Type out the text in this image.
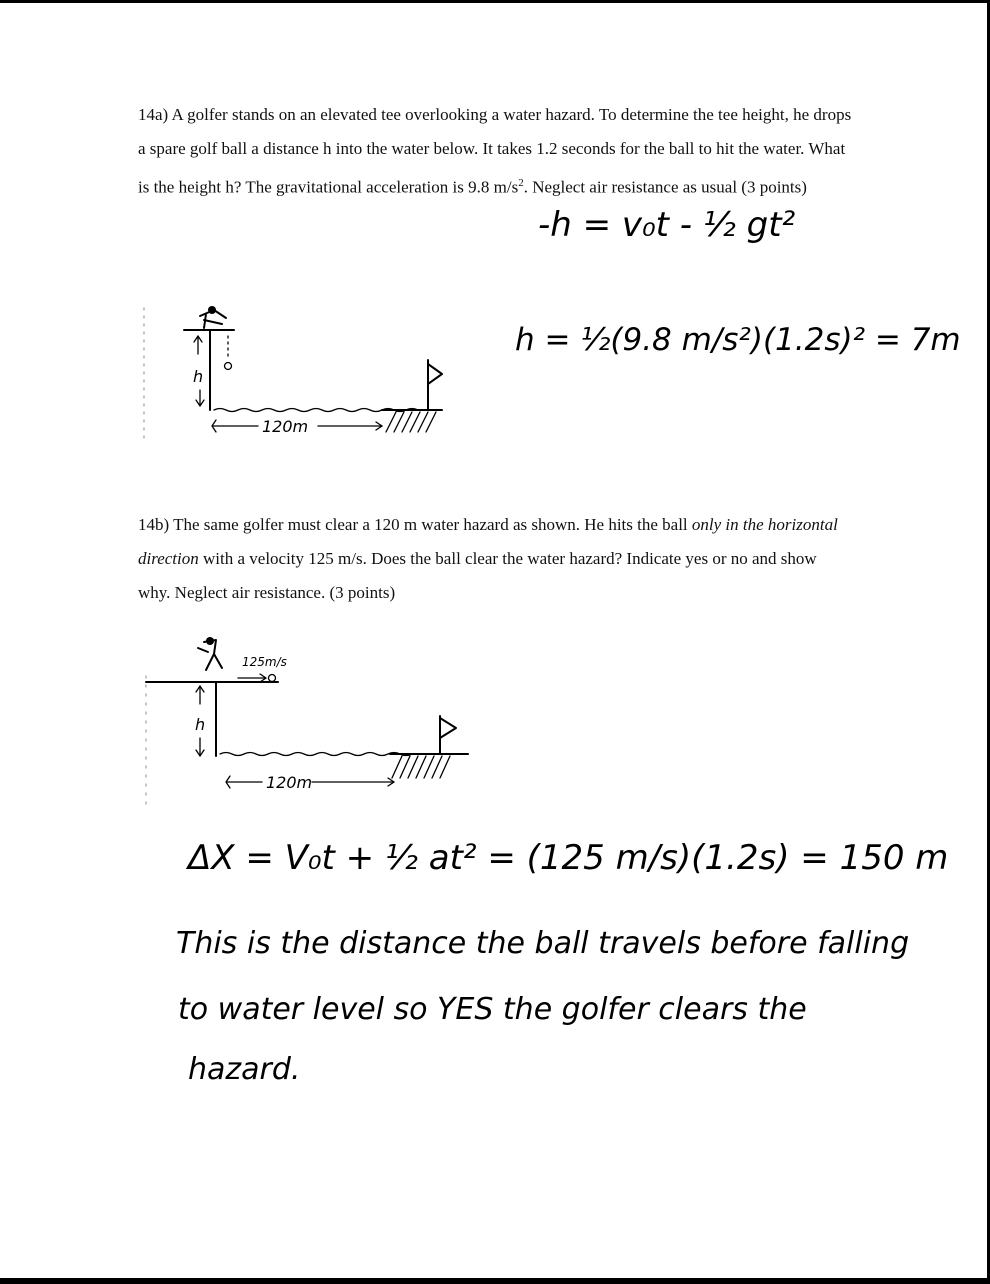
14a) A golfer stands on an elevated tee overlooking a water hazard. To determine the tee height, he drops a spare golf ball a distance h into the water below. It takes 1.2 seconds for the ball to hit the water. What is the height h? The gravitational acceleration is 9.8 $m/s^2$. Neglect air resistance as usual (3 points)

-h = v₀t - ½ gt²
h = ½(9.8 m/s²)(1.2s)² = 7m
h
120m

14b) The same golfer must clear a 120 m water hazard as shown. He hits the ball only in the horizontal direction with a velocity 125 m/s. Does the ball clear the water hazard? Indicate yes or no and show why. Neglect air resistance. (3 points)

125m/s
h
120m
ΔX = V₀t + ½ at² = (125 m/s)(1.2s) = 150 m
This is the distance the ball travels before falling
to water level so YES the golfer clears the
hazard.
